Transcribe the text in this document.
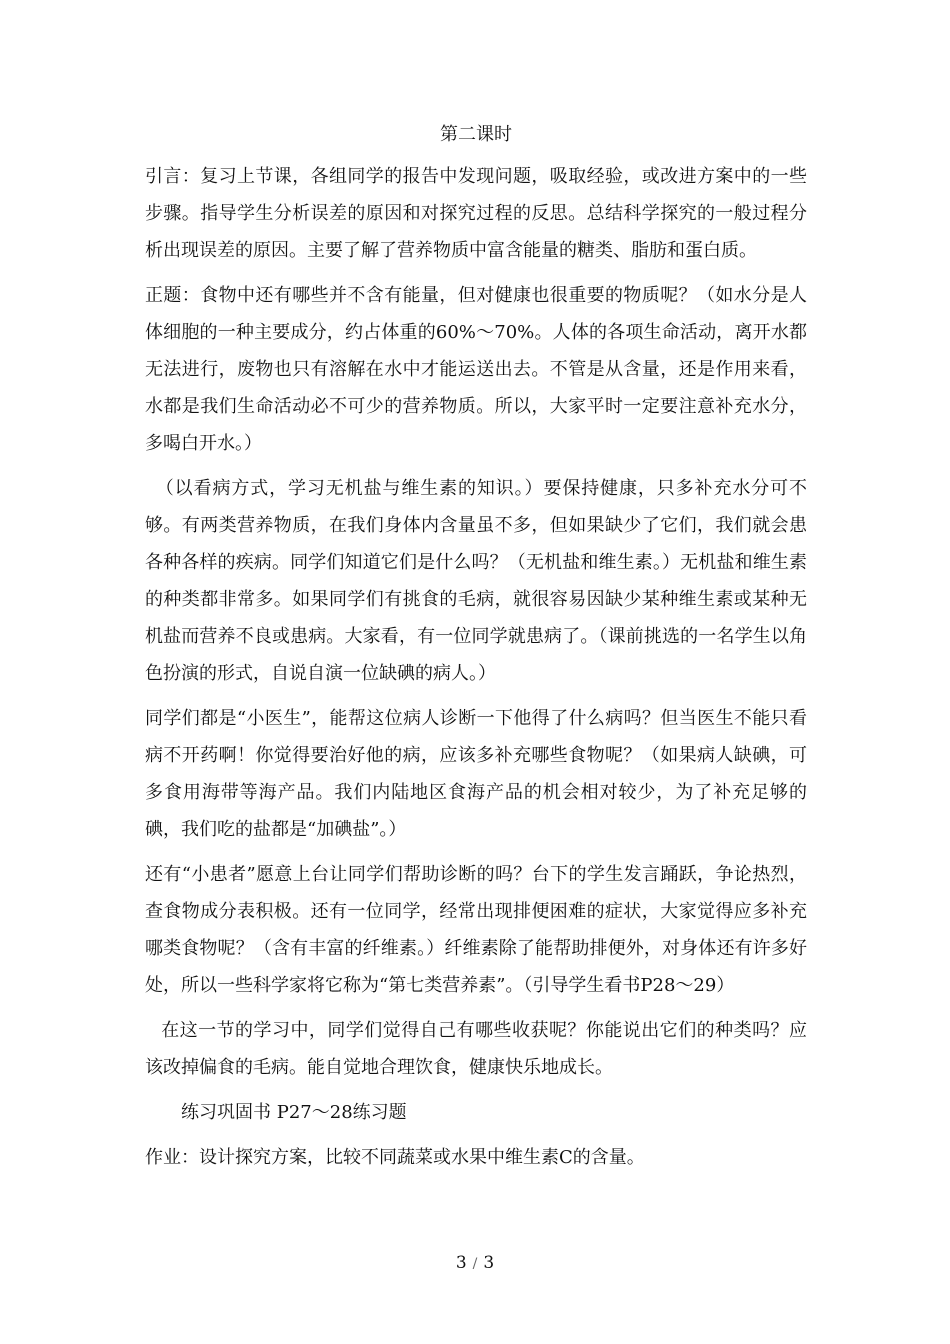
第二课时

引言：复习上节课，各组同学的报告中发现问题，吸取经验，或改进方案中的一些步骤。指导学生分析误差的原因和对探究过程的反思。总结科学探究的一般过程分析出现误差的原因。主要了解了营养物质中富含能量的糖类、脂肪和蛋白质。

正题：食物中还有哪些并不含有能量，但对健康也很重要的物质呢？（如水分是人体细胞的一种主要成分，约占体重的60%～70%。人体的各项生命活动，离开水都无法进行，废物也只有溶解在水中才能运送出去。不管是从含量，还是作用来看，水都是我们生命活动必不可少的营养物质。所以，大家平时一定要注意补充水分，多喝白开水。）

（以看病方式，学习无机盐与维生素的知识。）要保持健康，只多补充水分可不够。有两类营养物质，在我们身体内含量虽不多，但如果缺少了它们，我们就会患各种各样的疾病。同学们知道它们是什么吗？（无机盐和维生素。）无机盐和维生素的种类都非常多。如果同学们有挑食的毛病，就很容易因缺少某种维生素或某种无机盐而营养不良或患病。大家看，有一位同学就患病了。（课前挑选的一名学生以角色扮演的形式，自说自演一位缺碘的病人。）

同学们都是“小医生”，能帮这位病人诊断一下他得了什么病吗？但当医生不能只看病不开药啊！你觉得要治好他的病，应该多补充哪些食物呢？（如果病人缺碘，可多食用海带等海产品。我们内陆地区食海产品的机会相对较少，为了补充足够的碘，我们吃的盐都是“加碘盐”。）

还有“小患者”愿意上台让同学们帮助诊断的吗？台下的学生发言踊跃，争论热烈，查食物成分表积极。还有一位同学，经常出现排便困难的症状，大家觉得应多补充哪类食物呢？（含有丰富的纤维素。）纤维素除了能帮助排便外，对身体还有许多好处，所以一些科学家将它称为“第七类营养素”。（引导学生看书P28～29）

在这一节的学习中，同学们觉得自己有哪些收获呢？你能说出它们的种类吗？应该改掉偏食的毛病。能自觉地合理饮食，健康快乐地成长。

练习巩固书 P27～28练习题

作业：设计探究方案，比较不同蔬菜或水果中维生素C的含量。

3 / 3
